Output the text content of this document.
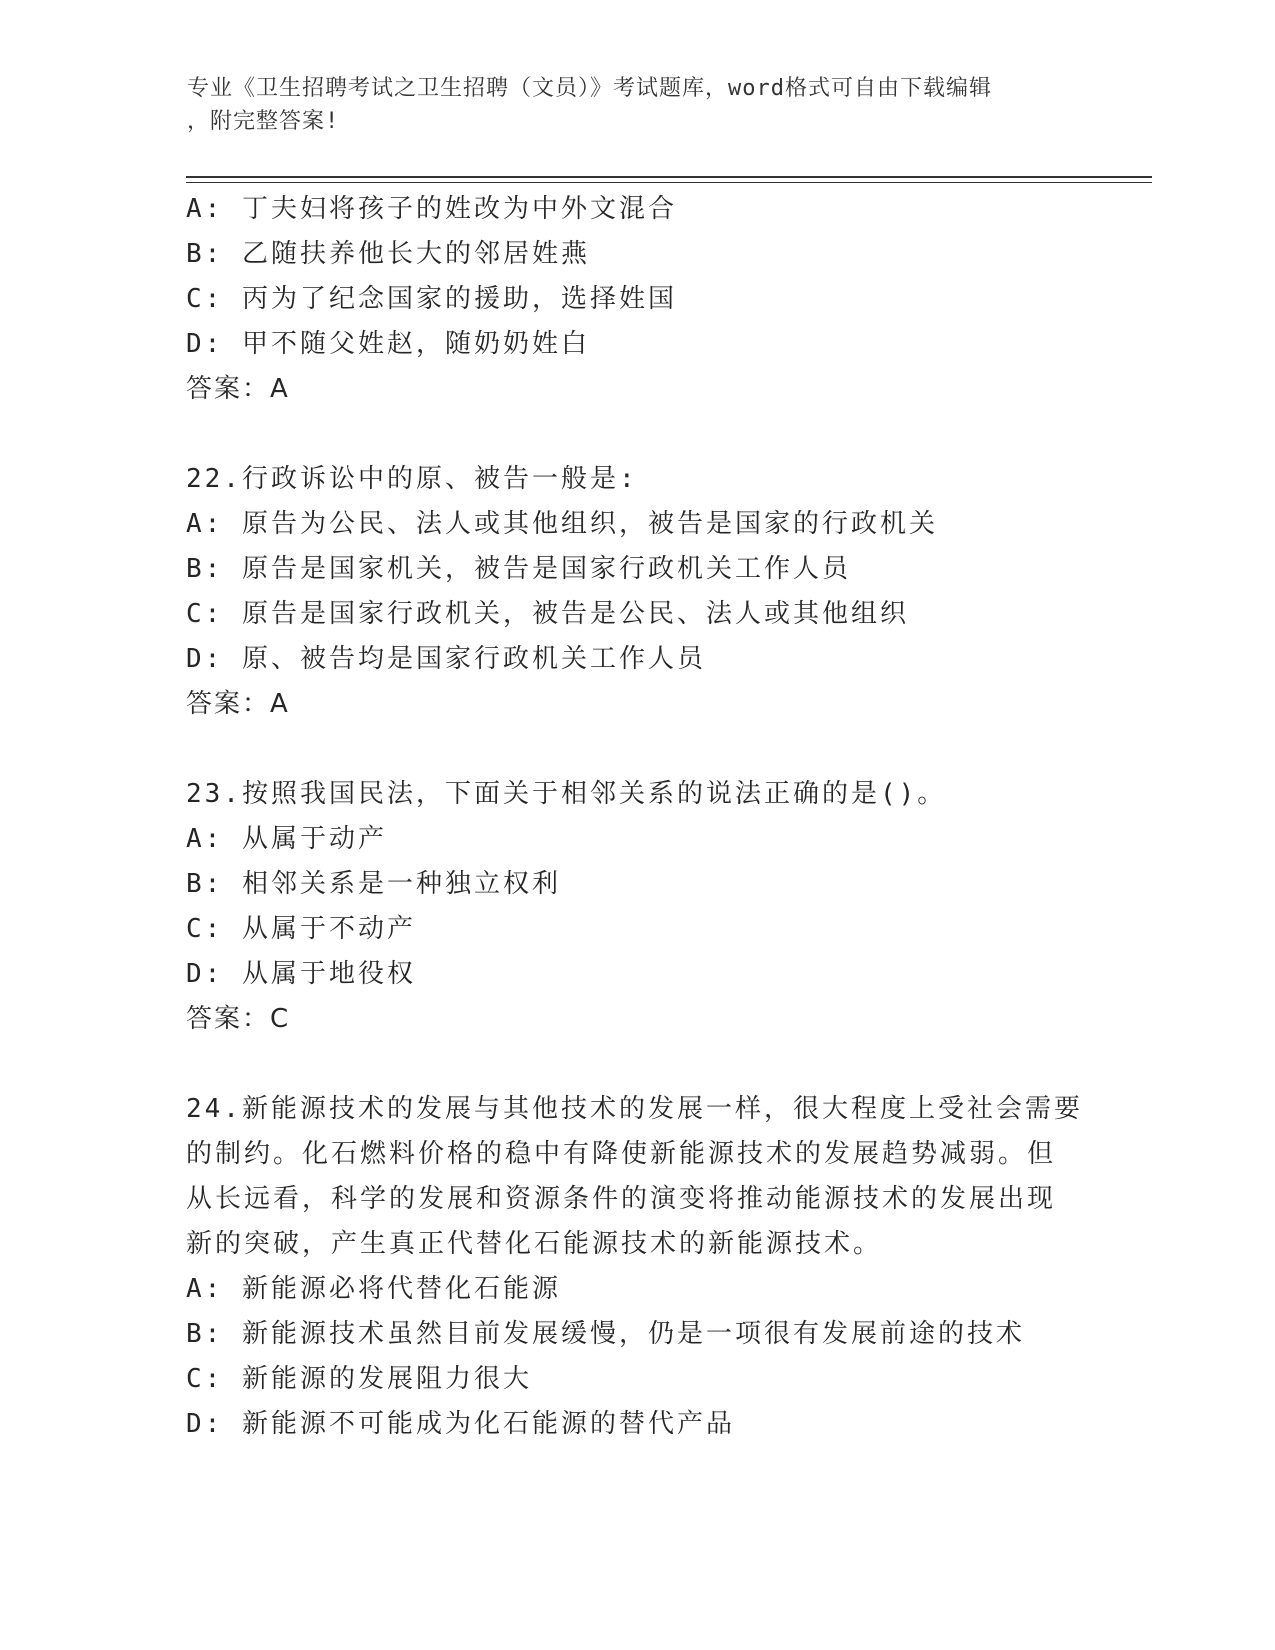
专业《卫生招聘考试之卫生招聘（文员）》考试题库，word格式可自由下载编辑
，附完整答案!
A: 丁夫妇将孩子的姓改为中外文混合
B: 乙随扶养他长大的邻居姓燕
C: 丙为了纪念国家的援助，选择姓国
D: 甲不随父姓赵，随奶奶姓白
答案：A
22.行政诉讼中的原、被告一般是:
A: 原告为公民、法人或其他组织，被告是国家的行政机关
B: 原告是国家机关，被告是国家行政机关工作人员
C: 原告是国家行政机关，被告是公民、法人或其他组织
D: 原、被告均是国家行政机关工作人员
答案：A
23.按照我国民法，下面关于相邻关系的说法正确的是()。
A: 从属于动产
B: 相邻关系是一种独立权利
C: 从属于不动产
D: 从属于地役权
答案：C
24.新能源技术的发展与其他技术的发展一样，很大程度上受社会需要
的制约。化石燃料价格的稳中有降使新能源技术的发展趋势减弱。但
从长远看，科学的发展和资源条件的演变将推动能源技术的发展出现
新的突破，产生真正代替化石能源技术的新能源技术。
A: 新能源必将代替化石能源
B: 新能源技术虽然目前发展缓慢，仍是一项很有发展前途的技术
C: 新能源的发展阻力很大
D: 新能源不可能成为化石能源的替代产品
